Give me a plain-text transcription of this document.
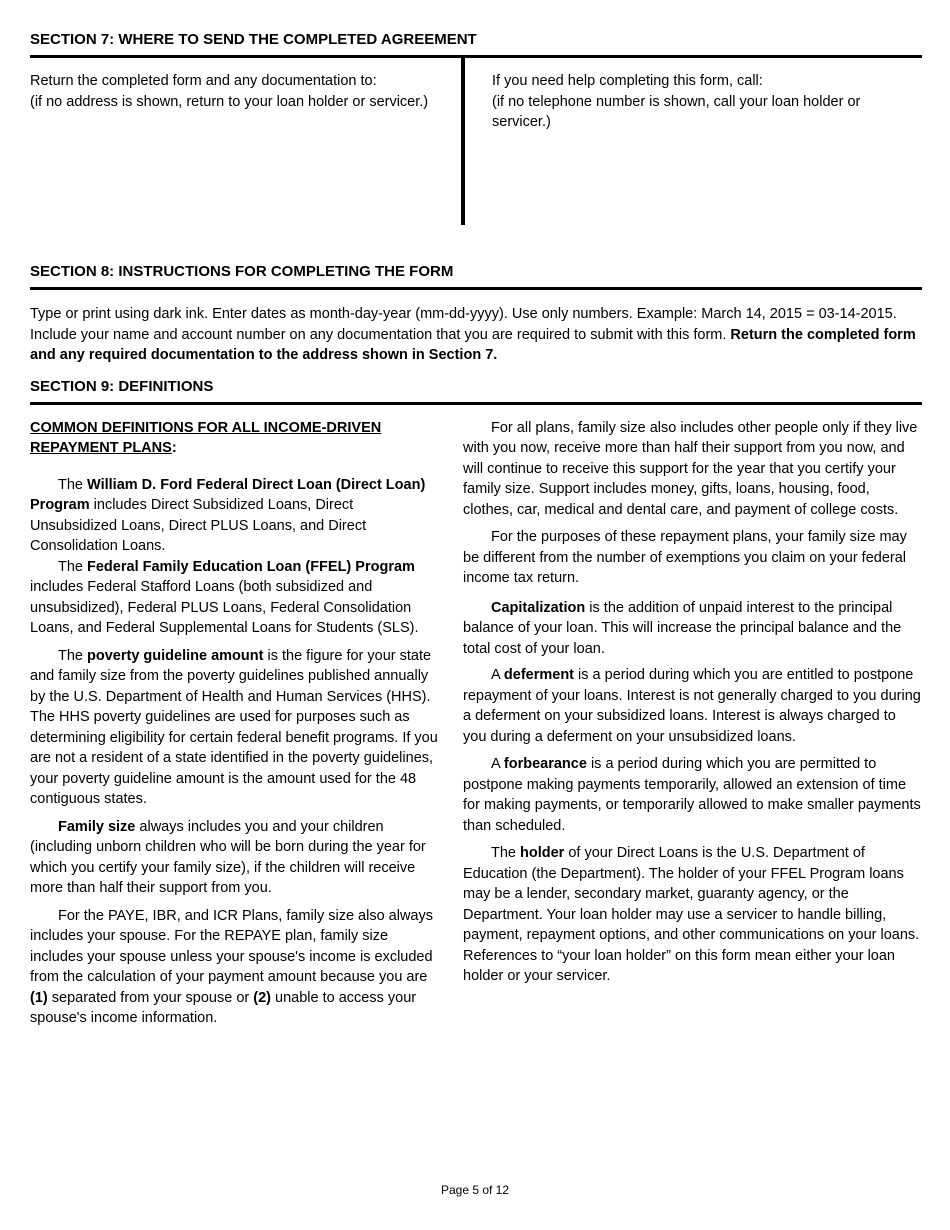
SECTION 7: WHERE TO SEND THE COMPLETED AGREEMENT

Return the completed form and any documentation to:

(if no address is shown, return to your loan holder or servicer.)

If you need help completing this form, call:

(if no telephone number is shown, call your loan holder or servicer.)

SECTION 8: INSTRUCTIONS FOR COMPLETING THE FORM

Type or print using dark ink. Enter dates as month-day-year (mm-dd-yyyy). Use only numbers. Example: March 14, 2015 = 03-14-2015. Include your name and account number on any documentation that you are required to submit with this form. Return the completed form and any required documentation to the address shown in Section 7.

SECTION 9: DEFINITIONS

COMMON DEFINITIONS FOR ALL INCOME-DRIVEN REPAYMENT PLANS:

The William D. Ford Federal Direct Loan (Direct Loan) Program includes Direct Subsidized Loans, Direct Unsubsidized Loans, Direct PLUS Loans, and Direct Consolidation Loans.

The Federal Family Education Loan (FFEL) Program includes Federal Stafford Loans (both subsidized and unsubsidized), Federal PLUS Loans, Federal Consolidation Loans, and Federal Supplemental Loans for Students (SLS).

The poverty guideline amount is the figure for your state and family size from the poverty guidelines published annually by the U.S. Department of Health and Human Services (HHS). The HHS poverty guidelines are used for purposes such as determining eligibility for certain federal benefit programs. If you are not a resident of a state identified in the poverty guidelines, your poverty guideline amount is the amount used for the 48 contiguous states.

Family size always includes you and your children (including unborn children who will be born during the year for which you certify your family size), if the children will receive more than half their support from you.

For the PAYE, IBR, and ICR Plans, family size also always includes your spouse. For the REPAYE plan, family size includes your spouse unless your spouse's income is excluded from the calculation of your payment amount because you are (1) separated from your spouse or (2) unable to access your spouse's income information.

For all plans, family size also includes other people only if they live with you now, receive more than half their support from you now, and will continue to receive this support for the year that you certify your family size. Support includes money, gifts, loans, housing, food, clothes, car, medical and dental care, and payment of college costs.

For the purposes of these repayment plans, your family size may be different from the number of exemptions you claim on your federal income tax return.

Capitalization is the addition of unpaid interest to the principal balance of your loan. This will increase the principal balance and the total cost of your loan.

A deferment is a period during which you are entitled to postpone repayment of your loans. Interest is not generally charged to you during a deferment on your subsidized loans. Interest is always charged to you during a deferment on your unsubsidized loans.

A forbearance is a period during which you are permitted to postpone making payments temporarily, allowed an extension of time for making payments, or temporarily allowed to make smaller payments than scheduled.

The holder of your Direct Loans is the U.S. Department of Education (the Department). The holder of your FFEL Program loans may be a lender, secondary market, guaranty agency, or the Department. Your loan holder may use a servicer to handle billing, payment, repayment options, and other communications on your loans. References to “your loan holder” on this form mean either your loan holder or your servicer.

Page 5 of 12
